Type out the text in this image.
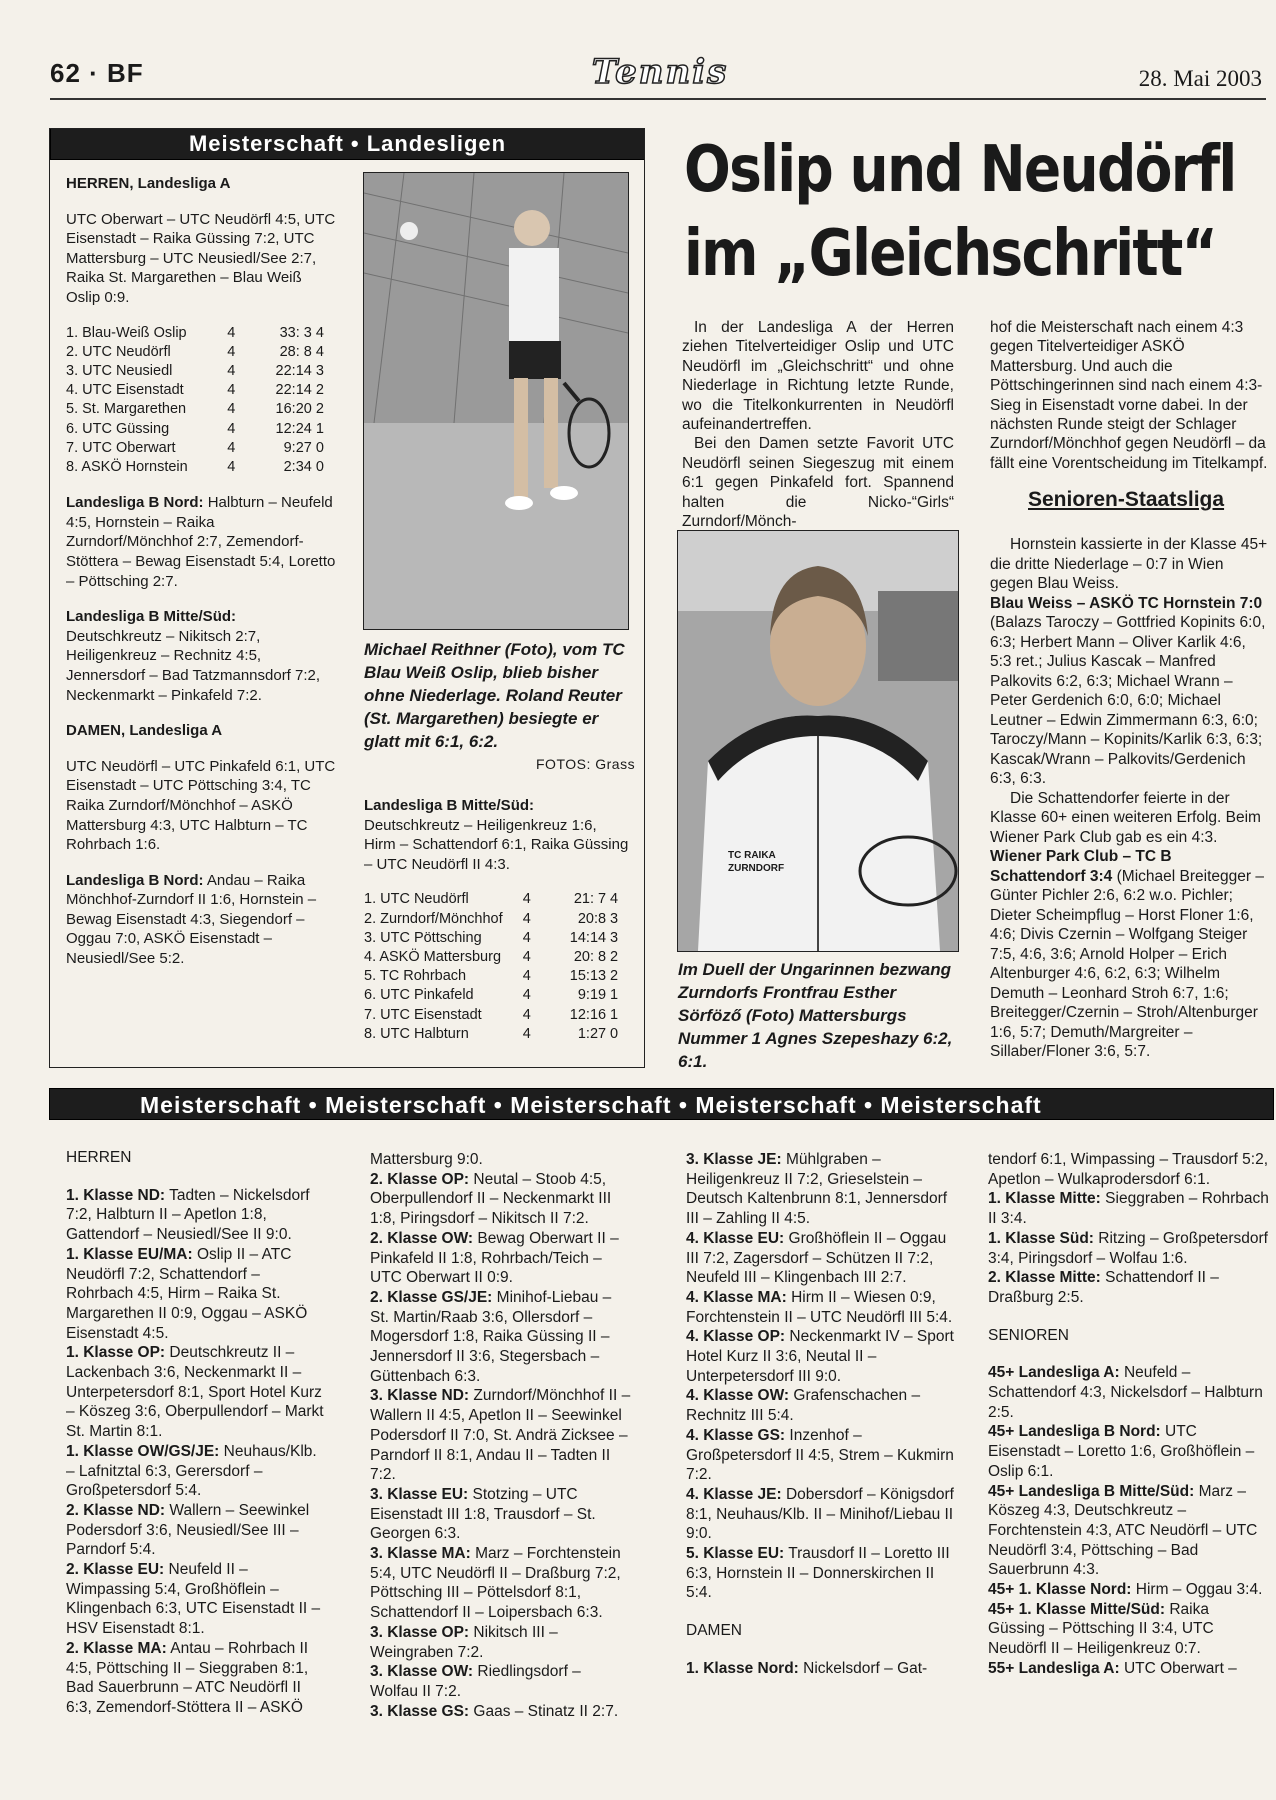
62 · BF	Tennis	28. Mai 2003
Meisterschaft • Landesligen

HERREN, Landesliga A

UTC Oberwart – UTC Neudörfl 4:5, UTC Eisenstadt – Raika Güssing 7:2, UTC Mattersburg – UTC Neusiedl/See 2:7, Raika St. Margarethen – Blau Weiß Oslip 0:9.

1. Blau-Weiß Oslip	4	33: 3	4
2. UTC Neudörfl	4	28: 8	4
3. UTC Neusiedl	4	22:14	3
4. UTC Eisenstadt	4	22:14	2
5. St. Margarethen	4	16:20	2
6. UTC Güssing	4	12:24	1
7. UTC Oberwart	4	9:27	0
8. ASKÖ Hornstein	4	2:34	0

Landesliga B Nord: Halbturn – Neufeld 4:5, Hornstein – Raika Zurndorf/Mönchhof 2:7, Zemendorf-Stöttera – Bewag Eisenstadt 5:4, Loretto – Pöttsching 2:7.

Landesliga B Mitte/Süd: Deutschkreutz – Nikitsch 2:7, Heiligenkreuz – Rechnitz 4:5, Jennersdorf – Bad Tatzmannsdorf 7:2, Neckenmarkt – Pinkafeld 7:2.

DAMEN, Landesliga A

UTC Neudörfl – UTC Pinkafeld 6:1, UTC Eisenstadt – UTC Pöttsching 3:4, TC Raika Zurndorf/Mönchhof – ASKÖ Mattersburg 4:3, UTC Halbturn – TC Rohrbach 1:6.

Landesliga B Nord: Andau – Raika Mönchhof-Zurndorf II 1:6, Hornstein – Bewag Eisenstadt 4:3, Siegendorf – Oggau 7:0, ASKÖ Eisenstadt – Neusiedl/See 5:2.

Michael Reithner (Foto), vom TC Blau Weiß Oslip, blieb bisher ohne Niederlage. Roland Reuter (St. Margarethen) besiegte er glatt mit 6:1, 6:2.
FOTOS: Grass

Landesliga B Mitte/Süd: Deutschkreutz – Heiligenkreuz 1:6, Hirm – Schattendorf 6:1, Raika Güssing – UTC Neudörfl II 4:3.

1. UTC Neudörfl	4	21: 7	4
2. Zurndorf/Mönchhof	4	20:8	3
3. UTC Pöttsching	4	14:14	3
4. ASKÖ Mattersburg	4	20: 8	2
5. TC Rohrbach	4	15:13	2
6. UTC Pinkafeld	4	9:19	1
7. UTC Eisenstadt	4	12:16	1
8. UTC Halbturn	4	1:27	0
Oslip und Neudörfl
im „Gleichschritt“

In der Landesliga A der Herren ziehen Titelverteidiger Oslip und UTC Neudörfl im „Gleichschritt“ und ohne Niederlage in Richtung letzte Runde, wo die Titelkonkurrenten in Neudörfl aufeinandertreffen.

Bei den Damen setzte Favorit UTC Neudörfl seinen Siegeszug mit einem 6:1 gegen Pinkafeld fort. Spannend halten die Nicko-“Girls“ Zurndorf/Mönch-

hof die Meisterschaft nach einem 4:3 gegen Titelverteidiger ASKÖ Mattersburg. Und auch die Pöttschingerinnen sind nach einem 4:3-Sieg in Eisenstadt vorne dabei. In der nächsten Runde steigt der Schlager Zurndorf/Mönchhof gegen Neudörfl – da fällt eine Vorentscheidung im Titelkampf.

TC RAIKA ZURNDORF
Im Duell der Ungarinnen bezwang Zurndorfs Frontfrau Esther Sörföző (Foto) Mattersburgs Nummer 1 Agnes Szepeshazy 6:2, 6:1.
Senioren-Staatsliga

Hornstein kassierte in der Klasse 45+ die dritte Niederlage – 0:7 in Wien gegen Blau Weiss.

Blau Weiss – ASKÖ TC Hornstein 7:0 (Balazs Taroczy – Gottfried Kopinits 6:0, 6:3; Herbert Mann – Oliver Karlik 4:6, 5:3 ret.; Julius Kascak – Manfred Palkovits 6:2, 6:3; Michael Wrann – Peter Gerdenich 6:0, 6:0; Michael Leutner – Edwin Zimmermann 6:3, 6:0; Taroczy/Mann – Kopinits/Karlik 6:3, 6:3; Kascak/Wrann – Palkovits/Gerdenich 6:3, 6:3.

Die Schattendorfer feierte in der Klasse 60+ einen weiteren Erfolg. Beim Wiener Park Club gab es ein 4:3.

Wiener Park Club – TC B Schattendorf 3:4 (Michael Breitegger – Günter Pichler 2:6, 6:2 w.o. Pichler; Dieter Scheimpflug – Horst Floner 1:6, 4:6; Divis Czernin – Wolfgang Steiger 7:5, 4:6, 3:6; Arnold Holper – Erich Altenburger 4:6, 6:2, 6:3; Wilhelm Demuth – Leonhard Stroh 6:7, 1:6; Breitegger/Czernin – Stroh/Altenburger 1:6, 5:7; Demuth/Margreiter – Sillaber/Floner 3:6, 5:7.

Meisterschaft • Meisterschaft • Meisterschaft • Meisterschaft • Meisterschaft

HERREN

1. Klasse ND: Tadten – Nickelsdorf 7:2, Halbturn II – Apetlon 1:8, Gattendorf – Neusiedl/See II 9:0.

1. Klasse EU/MA: Oslip II – ATC Neudörfl 7:2, Schattendorf – Rohrbach 4:5, Hirm – Raika St. Margarethen II 0:9, Oggau – ASKÖ Eisenstadt 4:5.

1. Klasse OP: Deutschkreutz II – Lackenbach 3:6, Neckenmarkt II – Unterpetersdorf 8:1, Sport Hotel Kurz – Köszeg 3:6, Oberpullendorf – Markt St. Martin 8:1.

1. Klasse OW/GS/JE: Neuhaus/Klb. – Lafnitztal 6:3, Gerersdorf – Großpetersdorf 5:4.

2. Klasse ND: Wallern – Seewinkel Podersdorf 3:6, Neusiedl/See III – Parndorf 5:4.

2. Klasse EU: Neufeld II – Wimpassing 5:4, Großhöflein – Klingenbach 6:3, UTC Eisenstadt II – HSV Eisenstadt 8:1.

2. Klasse MA: Antau – Rohrbach II 4:5, Pöttsching II – Sieggraben 8:1, Bad Sauerbrunn – ATC Neudörfl II 6:3, Zemendorf-Stöttera II – ASKÖ

Mattersburg 9:0.

2. Klasse OP: Neutal – Stoob 4:5, Oberpullendorf II – Neckenmarkt III 1:8, Piringsdorf – Nikitsch II 7:2.

2. Klasse OW: Bewag Oberwart II – Pinkafeld II 1:8, Rohrbach/Teich – UTC Oberwart II 0:9.

2. Klasse GS/JE: Minihof-Liebau – St. Martin/Raab 3:6, Ollersdorf – Mogersdorf 1:8, Raika Güssing II – Jennersdorf II 3:6, Stegersbach – Güttenbach 6:3.

3. Klasse ND: Zurndorf/Mönchhof II – Wallern II 4:5, Apetlon II – Seewinkel Podersdorf II 7:0, St. Andrä Zicksee – Parndorf II 8:1, Andau II – Tadten II 7:2.

3. Klasse EU: Stotzing – UTC Eisenstadt III 1:8, Trausdorf – St. Georgen 6:3.

3. Klasse MA: Marz – Forchtenstein 5:4, UTC Neudörfl II – Draßburg 7:2, Pöttsching III – Pöttelsdorf 8:1, Schattendorf II – Loipersbach 6:3.

3. Klasse OP: Nikitsch III – Weingraben 7:2.

3. Klasse OW: Riedlingsdorf – Wolfau II 7:2.

3. Klasse GS: Gaas – Stinatz II 2:7.

3. Klasse JE: Mühlgraben – Heiligenkreuz II 7:2, Grieselstein – Deutsch Kaltenbrunn 8:1, Jennersdorf III – Zahling II 4:5.

4. Klasse EU: Großhöflein II – Oggau III 7:2, Zagersdorf – Schützen II 7:2, Neufeld III – Klingenbach III 2:7.

4. Klasse MA: Hirm II – Wiesen 0:9, Forchtenstein II – UTC Neudörfl III 5:4.

4. Klasse OP: Neckenmarkt IV – Sport Hotel Kurz II 3:6, Neutal II – Unterpetersdorf III 9:0.

4. Klasse OW: Grafenschachen – Rechnitz III 5:4.

4. Klasse GS: Inzenhof – Großpetersdorf II 4:5, Strem – Kukmirn 7:2.

4. Klasse JE: Dobersdorf – Königsdorf 8:1, Neuhaus/Klb. II – Minihof/Liebau II 9:0.

5. Klasse EU: Trausdorf II – Loretto III 6:3, Hornstein II – Donnerskirchen II 5:4.

DAMEN

1. Klasse Nord: Nickelsdorf – Gat-

tendorf 6:1, Wimpassing – Trausdorf 5:2, Apetlon – Wulkaprodersdorf 6:1.

1. Klasse Mitte: Sieggraben – Rohrbach II 3:4.

1. Klasse Süd: Ritzing – Großpetersdorf 3:4, Piringsdorf – Wolfau 1:6.

2. Klasse Mitte: Schattendorf II – Draßburg 2:5.

SENIOREN

45+ Landesliga A: Neufeld – Schattendorf 4:3, Nickelsdorf – Halbturn 2:5.

45+ Landesliga B Nord: UTC Eisenstadt – Loretto 1:6, Großhöflein – Oslip 6:1.

45+ Landesliga B Mitte/Süd: Marz – Köszeg 4:3, Deutschkreutz – Forchtenstein 4:3, ATC Neudörfl – UTC Neudörfl 3:4, Pöttsching – Bad Sauerbrunn 4:3.

45+ 1. Klasse Nord: Hirm – Oggau 3:4.

45+ 1. Klasse Mitte/Süd: Raika Güssing – Pöttsching II 3:4, UTC Neudörfl II – Heiligenkreuz 0:7.

55+ Landesliga A: UTC Oberwart –
